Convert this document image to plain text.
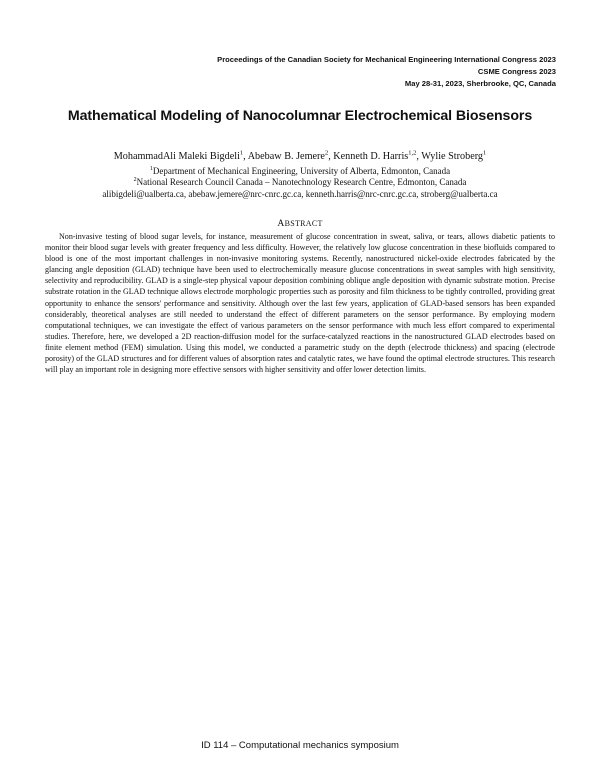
Proceedings of the Canadian Society for Mechanical Engineering International Congress 2023
CSME Congress 2023
May 28-31, 2023, Sherbrooke, QC, Canada
Mathematical Modeling of Nanocolumnar Electrochemical Biosensors
MohammadAli Maleki Bigdeli$^1$, Abebaw B. Jemere$^2$, Kenneth D. Harris$^{1,2}$, Wylie Stroberg$^1$
$^1$Department of Mechanical Engineering, University of Alberta, Edmonton, Canada
$^2$National Research Council Canada – Nanotechnology Research Centre, Edmonton, Canada
alibigdeli@ualberta.ca, abebaw.jemere@nrc-cnrc.gc.ca, kenneth.harris@nrc-cnrc.gc.ca, stroberg@ualberta.ca
ABSTRACT
Non-invasive testing of blood sugar levels, for instance, measurement of glucose concentration in sweat, saliva, or tears, allows diabetic patients to monitor their blood sugar levels with greater frequency and less difficulty. However, the relatively low glucose concentration in these biofluids compared to blood is one of the most important challenges in non-invasive monitoring systems. Recently, nanostructured nickel-oxide electrodes fabricated by the glancing angle deposition (GLAD) technique have been used to electrochemically measure glucose concentrations in sweat samples with high sensitivity, selectivity and reproducibility. GLAD is a single-step physical vapour deposition combining oblique angle deposition with dynamic substrate motion. Precise substrate rotation in the GLAD technique allows electrode morphologic properties such as porosity and film thickness to be tightly controlled, providing great opportunity to enhance the sensors' performance and sensitivity. Although over the last few years, application of GLAD-based sensors has been expanded considerably, theoretical analyses are still needed to understand the effect of different parameters on the sensor performance. By employing modern computational techniques, we can investigate the effect of various parameters on the sensor performance with much less effort compared to experimental studies. Therefore, here, we developed a 2D reaction-diffusion model for the surface-catalyzed reactions in the nanostructured GLAD electrodes based on finite element method (FEM) simulation. Using this model, we conducted a parametric study on the depth (electrode thickness) and spacing (electrode porosity) of the GLAD structures and for different values of absorption rates and catalytic rates, we have found the optimal electrode structures. This research will play an important role in designing more effective sensors with higher sensitivity and offer lower detection limits.
ID 114 – Computational mechanics symposium
